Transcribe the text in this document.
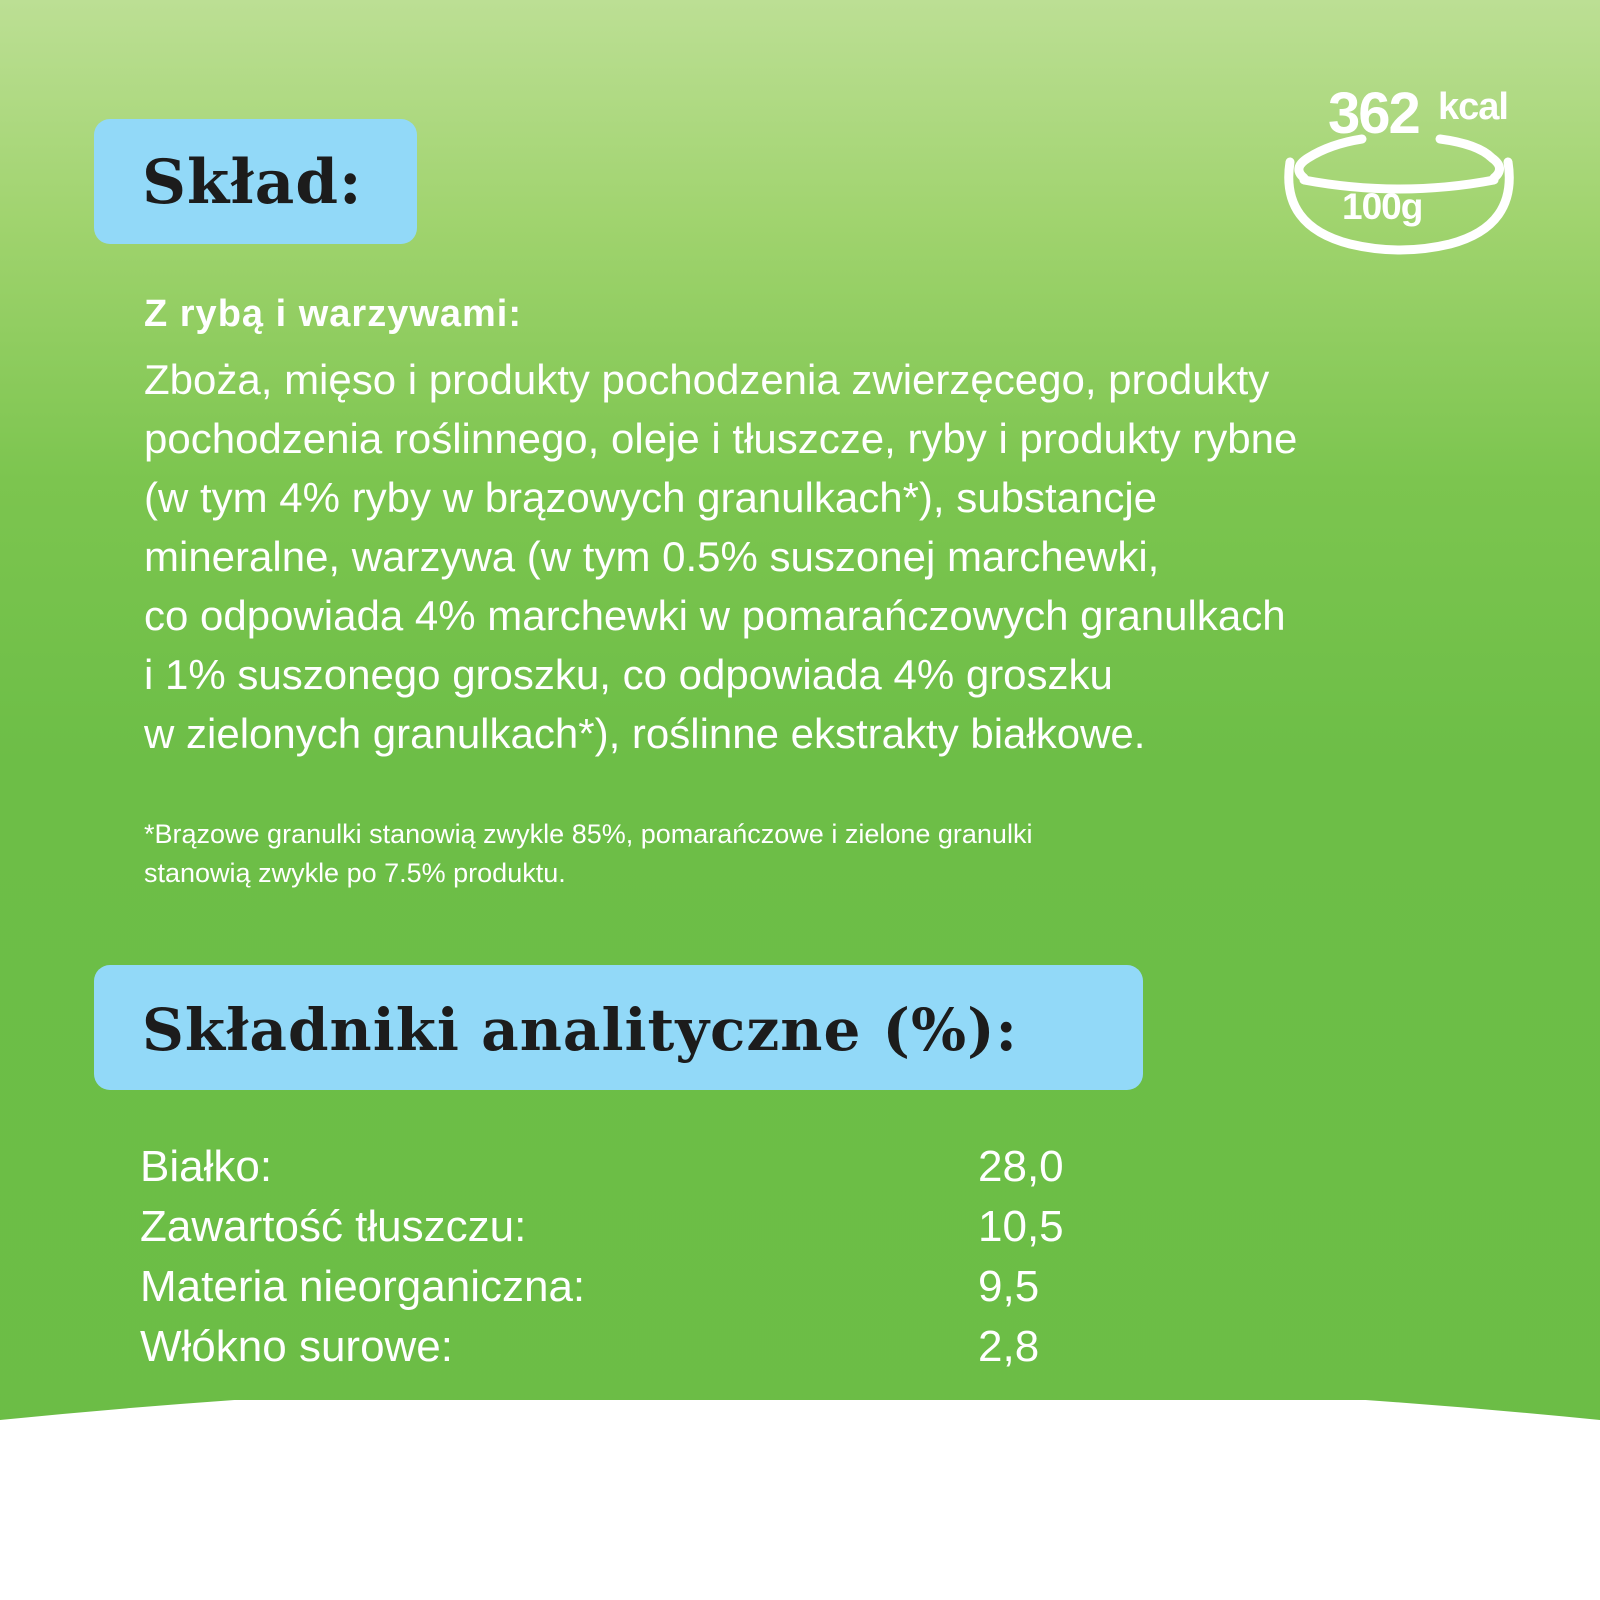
Skład:
362 kcal
100g
Z rybą i warzywami:
Zboża, mięso i produkty pochodzenia zwierzęcego, produkty
pochodzenia roślinnego, oleje i tłuszcze, ryby i produkty rybne
(w tym 4% ryby w brązowych granulkach*), substancje
mineralne, warzywa (w tym 0.5% suszonej marchewki,
co odpowiada 4% marchewki w pomarańczowych granulkach
i 1% suszonego groszku, co odpowiada 4% groszku
w zielonych granulkach*), roślinne ekstrakty białkowe.
*Brązowe granulki stanowią zwykle 85%, pomarańczowe i zielone granulki
stanowią zwykle po 7.5% produktu.
Składniki analityczne (%):
Białko:	28,0
Zawartość tłuszczu:	10,5
Materia nieorganiczna:	9,5
Włókno surowe:	2,8
